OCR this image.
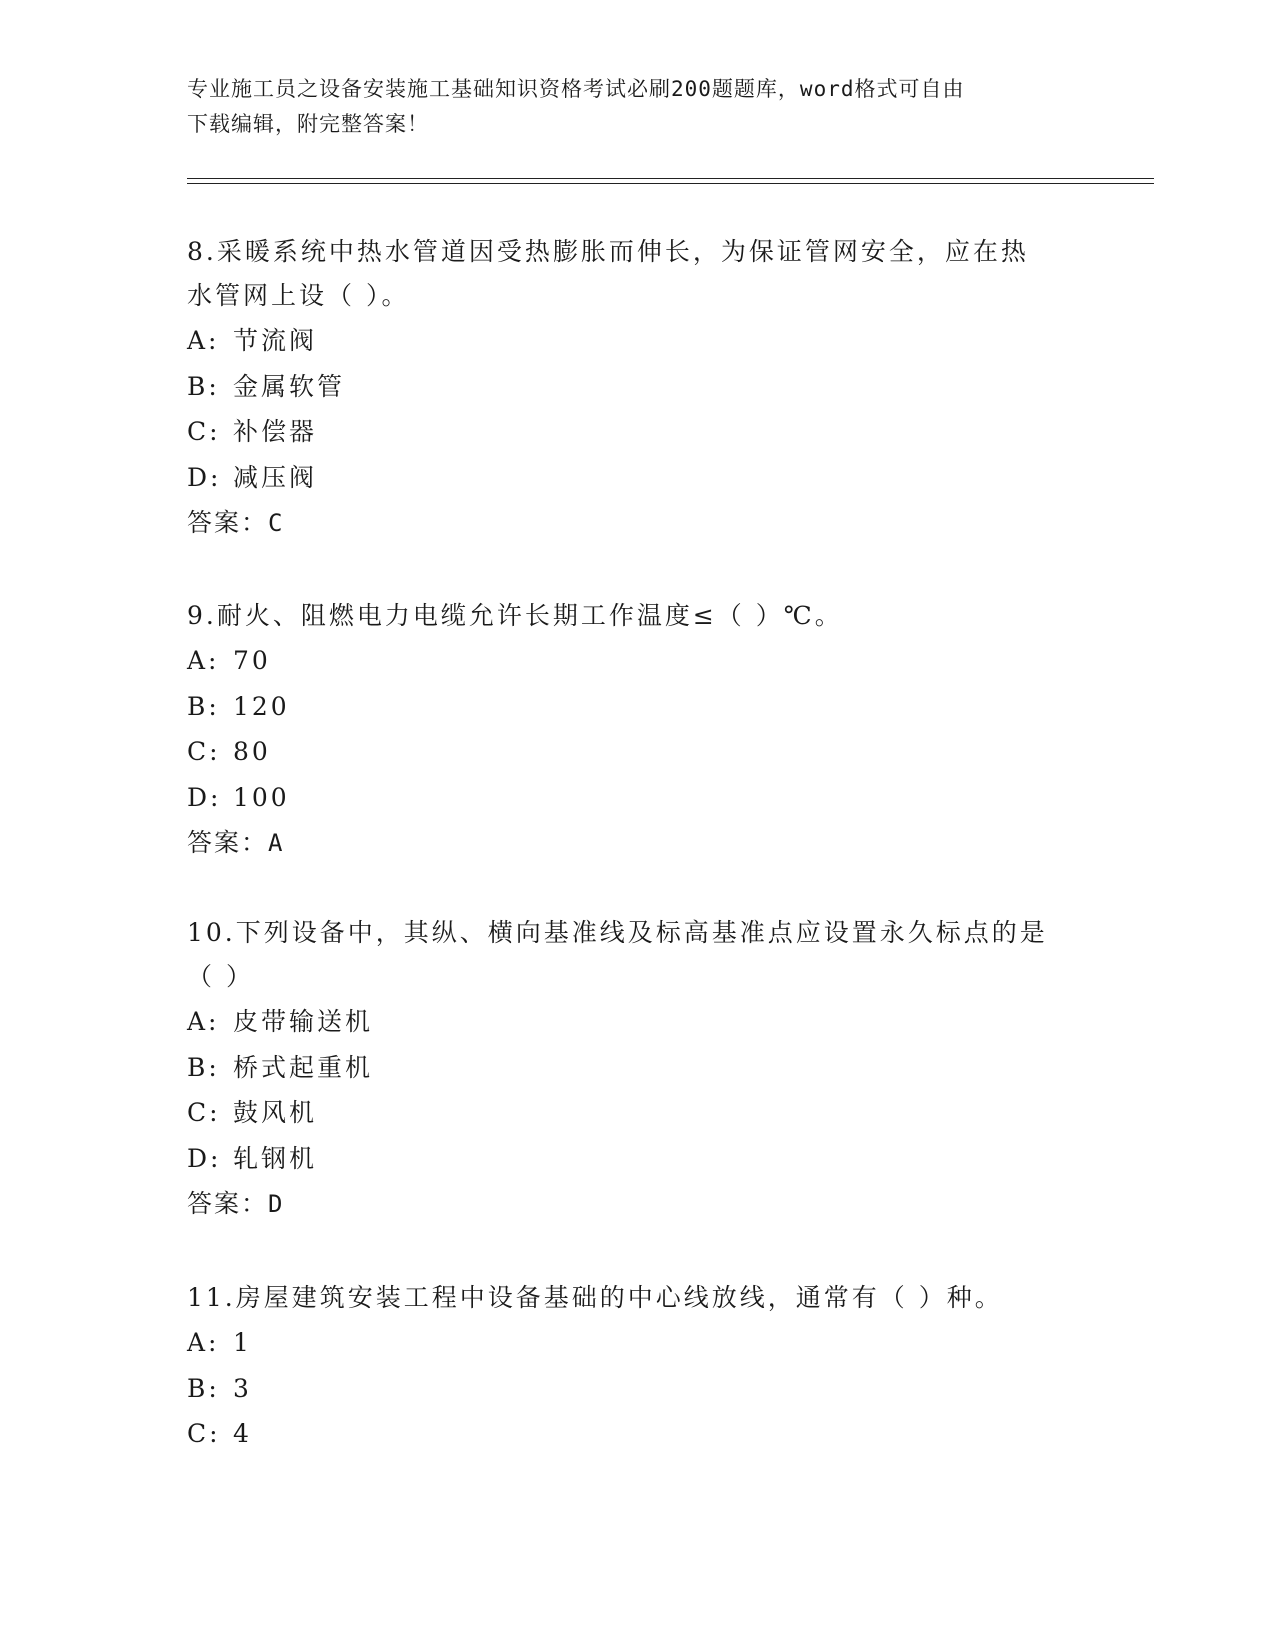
专业施工员之设备安装施工基础知识资格考试必刷200题题库，word格式可自由
下载编辑，附完整答案！

8.采暖系统中热水管道因受热膨胀而伸长，为保证管网安全，应在热
水管网上设（ ）。

A: 节流阀

B: 金属软管

C: 补偿器

D: 减压阀

答案：C

9.耐火、阻燃电力电缆允许长期工作温度≤（ ）℃。

A: 70

B: 120

C: 80

D: 100

答案：A

10.下列设备中，其纵、横向基准线及标高基准点应设置永久标点的是
（ ）

A: 皮带输送机

B: 桥式起重机

C: 鼓风机

D: 轧钢机

答案：D

11.房屋建筑安装工程中设备基础的中心线放线，通常有（ ）种。

A: 1

B: 3

C: 4
